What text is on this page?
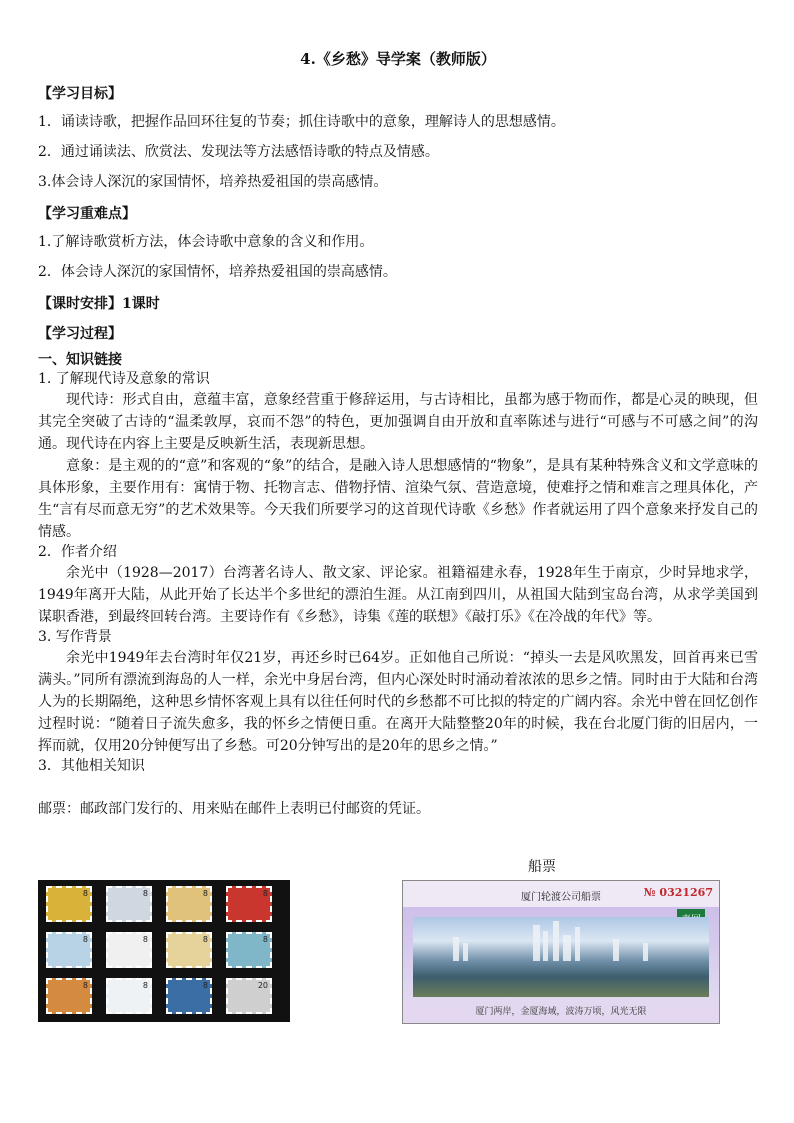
4.《乡愁》导学案（教师版）
【学习目标】
1．诵读诗歌，把握作品回环往复的节奏；抓住诗歌中的意象，理解诗人的思想感情。
2．通过诵读法、欣赏法、发现法等方法感悟诗歌的特点及情感。
3.体会诗人深沉的家国情怀，培养热爱祖国的崇高感情。
【学习重难点】
1.了解诗歌赏析方法，体会诗歌中意象的含义和作用。
2．体会诗人深沉的家国情怀，培养热爱祖国的崇高感情。
【课时安排】1课时
【学习过程】
一、知识链接
1. 了解现代诗及意象的常识

现代诗：形式自由，意蕴丰富，意象经营重于修辞运用，与古诗相比，虽都为感于物而作，都是心灵的映现，但其完全突破了古诗的“温柔敦厚，哀而不怨”的特色，更加强调自由开放和直率陈述与进行“可感与不可感之间”的沟通。现代诗在内容上主要是反映新生活，表现新思想。

意象：是主观的的“意”和客观的“象”的结合，是融入诗人思想感情的“物象”，是具有某种特殊含义和文学意味的具体形象，主要作用有：寓情于物、托物言志、借物抒情、渲染气氛、营造意境，使难抒之情和难言之理具体化，产生“言有尽而意无穷”的艺术效果等。今天我们所要学习的这首现代诗歌《乡愁》作者就运用了四个意象来抒发自己的情感。

2．作者介绍

余光中（1928—2017）台湾著名诗人、散文家、评论家。祖籍福建永春，1928年生于南京，少时异地求学，1949年离开大陆，从此开始了长达半个多世纪的漂泊生涯。从江南到四川，从祖国大陆到宝岛台湾，从求学美国到谋职香港，到最终回转台湾。主要诗作有《乡愁》，诗集《莲的联想》《敲打乐》《在冷战的年代》等。

3. 写作背景

余光中1949年去台湾时年仅21岁，再还乡时已64岁。正如他自己所说：“掉头一去是风吹黑发，回首再来已雪满头。”同所有漂流到海岛的人一样，余光中身居台湾，但内心深处时时涌动着浓浓的思乡之情。同时由于大陆和台湾人为的长期隔绝，这种思乡情怀客观上具有以往任何时代的乡愁都不可比拟的特定的广阔内容。余光中曾在回忆创作过程时说：“随着日子流失愈多，我的怀乡之情便日重。在离开大陆整整20年的时候，我在台北厦门街的旧居内，一挥而就，仅用20分钟便写出了乡愁。可20分钟写出的是20年的思乡之情。”

3．其他相关知识
邮票：邮政部门发行的、用来贴在邮件上表明已付邮资的凭证。
船票
8	8	8	8
8	8	8	8
8	8	8	20
厦门轮渡公司船票	№ 0321267
厦门两岸，金厦海域，波涛万顷，风光无限
